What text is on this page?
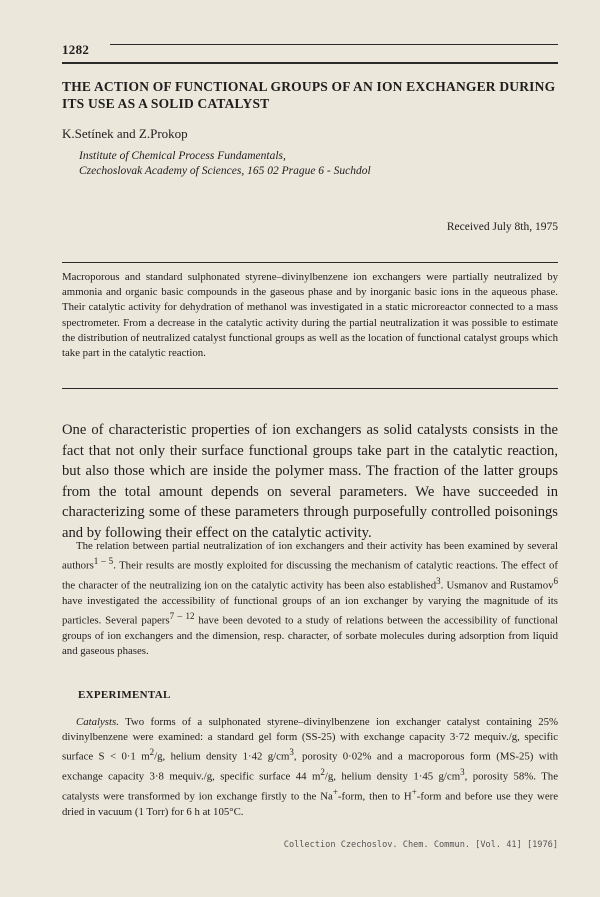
1282
THE ACTION OF FUNCTIONAL GROUPS OF AN ION EXCHANGER DURING ITS USE AS A SOLID CATALYST
K.Setínek and Z.Prokop
Institute of Chemical Process Fundamentals,
Czechoslovak Academy of Sciences, 165 02 Prague 6 - Suchdol
Received July 8th, 1975
Macroporous and standard sulphonated styrene–divinylbenzene ion exchangers were partially neutralized by ammonia and organic basic compounds in the gaseous phase and by inorganic basic ions in the aqueous phase. Their catalytic activity for dehydration of methanol was investigated in a static microreactor connected to a mass spectrometer. From a decrease in the catalytic activity during the partial neutralization it was possible to estimate the distribution of neutralized catalyst functional groups as well as the location of functional catalyst groups which take part in the catalytic reaction.
One of characteristic properties of ion exchangers as solid catalysts consists in the fact that not only their surface functional groups take part in the catalytic reaction, but also those which are inside the polymer mass. The fraction of the latter groups from the total amount depends on several parameters. We have succeeded in characterizing some of these parameters through purposefully controlled poisonings and by following their effect on the catalytic activity.
The relation between partial neutralization of ion exchangers and their activity has been examined by several authors$^{1 - 5}$. Their results are mostly exploited for discussing the mechanism of catalytic reactions. The effect of the character of the neutralizing ion on the catalytic activity has been also established$^3$. Usmanov and Rustamov$^6$ have investigated the accessibility of functional groups of an ion exchanger by varying the magnitude of its particles. Several papers$^{7 - 12}$ have been devoted to a study of relations between the accessibility of functional groups of ion exchangers and the dimension, resp. character, of sorbate molecules during adsorption from liquid and gaseous phases.
EXPERIMENTAL
Catalysts. Two forms of a sulphonated styrene–divinylbenzene ion exchanger catalyst containing 25% divinylbenzene were examined: a standard gel form (SS-25) with exchange capacity 3·72 mequiv./g, specific surface S < 0·1 $m^2/g$, helium density 1·42 $g/cm^3$, porosity 0·02% and a macroporous form (MS-25) with exchange capacity 3·8 mequiv./g, specific surface 44 $m^2/g$, helium density 1·45 $g/cm^3$, porosity 58%. The catalysts were transformed by ion exchange firstly to the Na+-form, then to H+-form and before use they were dried in vacuum (1 Torr) for 6 h at 105°C.
Collection Czechoslov. Chem. Commun. [Vol. 41] [1976]
